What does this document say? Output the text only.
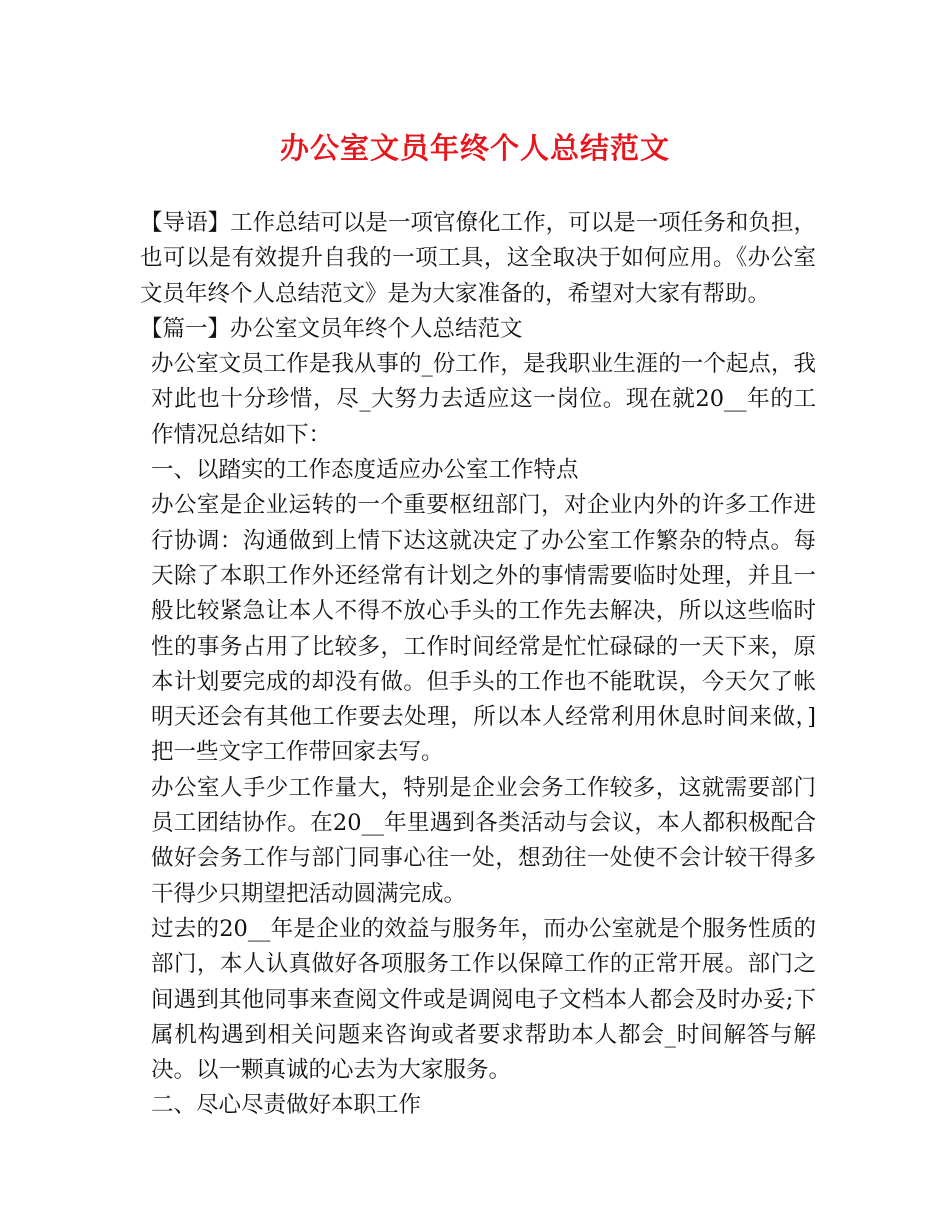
办公室文员年终个人总结范文

【导语】工作总结可以是一项官僚化工作，可以是一项任务和负担，也可以是有效提升自我的一项工具，这全取决于如何应用。《办公室文员年终个人总结范文》是为大家准备的，希望对大家有帮助。

【篇一】办公室文员年终个人总结范文

办公室文员工作是我从事的_份工作，是我职业生涯的一个起点，我对此也十分珍惜，尽_大努力去适应这一岗位。现在就20__年的工作情况总结如下：

一、以踏实的工作态度适应办公室工作特点

办公室是企业运转的一个重要枢纽部门，对企业内外的许多工作进行协调：沟通做到上情下达这就决定了办公室工作繁杂的特点。每天除了本职工作外还经常有计划之外的事情需要临时处理，并且一般比较紧急让本人不得不放心手头的工作先去解决，所以这些临时性的事务占用了比较多，工作时间经常是忙忙碌碌的一天下来，原本计划要完成的却没有做。但手头的工作也不能耽误，今天欠了帐明天还会有其他工作要去处理，所以本人经常利用休息时间来做，]把一些文字工作带回家去写。

办公室人手少工作量大，特别是企业会务工作较多，这就需要部门员工团结协作。在20__年里遇到各类活动与会议，本人都积极配合做好会务工作与部门同事心往一处，想劲往一处使不会计较干得多干得少只期望把活动圆满完成。

过去的20__年是企业的效益与服务年，而办公室就是个服务性质的部门，本人认真做好各项服务工作以保障工作的正常开展。部门之间遇到其他同事来查阅文件或是调阅电子文档本人都会及时办妥;下属机构遇到相关问题来咨询或者要求帮助本人都会_时间解答与解决。以一颗真诚的心去为大家服务。

二、尽心尽责做好本职工作
